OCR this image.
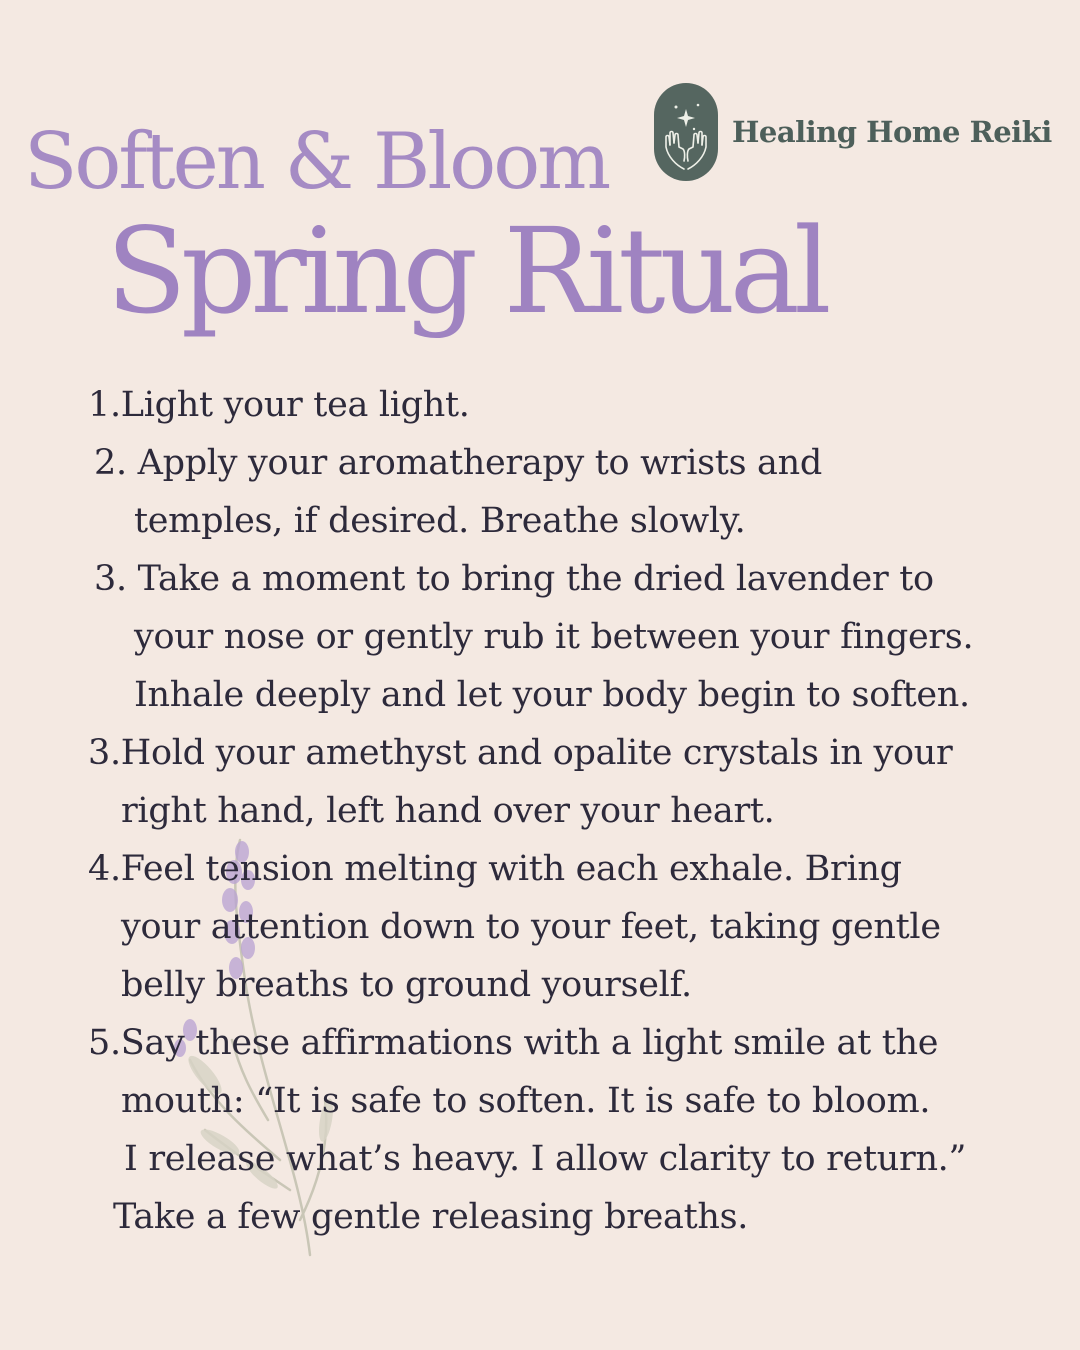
Soften & Bloom
Spring Ritual
Healing Home Reiki
1.Light your tea light.
2. Apply your aromatherapy to wrists and
temples, if desired. Breathe slowly.
3. Take a moment to bring the dried lavender to
your nose or gently rub it between your fingers.
Inhale deeply and let your body begin to soften.
3.Hold your amethyst and opalite crystals in your
right hand, left hand over your heart.
4.Feel tension melting with each exhale. Bring
your attention down to your feet, taking gentle
belly breaths to ground yourself.
5.Say these affirmations with a light smile at the
mouth: “It is safe to soften. It is safe to bloom.
I release what’s heavy. I allow clarity to return.”
Take a few gentle releasing breaths.
